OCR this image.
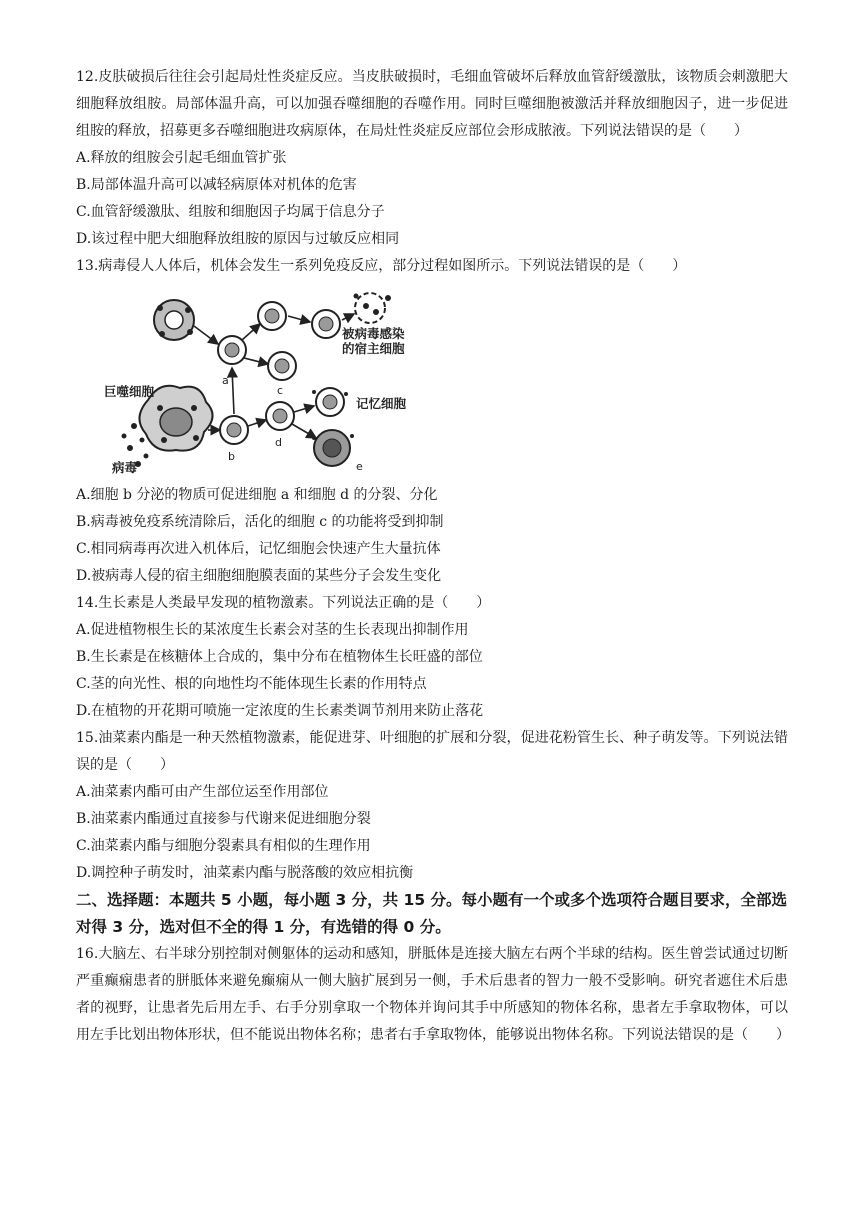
12.皮肤破损后往往会引起局灶性炎症反应。当皮肤破损时，毛细血管破坏后释放血管舒缓激肽，该物质会刺激肥大细胞释放组胺。局部体温升高，可以加强吞噬细胞的吞噬作用。同时巨噬细胞被激活并释放细胞因子，进一步促进组胺的释放，招募更多吞噬细胞进攻病原体，在局灶性炎症反应部位会形成脓液。下列说法错误的是（　　）

A.释放的组胺会引起毛细血管扩张

B.局部体温升高可以减轻病原体对机体的危害

C.血管舒缓激肽、组胺和细胞因子均属于信息分子

D.该过程中肥大细胞释放组胺的原因与过敏反应相同

13.病毒侵人人体后，机体会发生一系列免疫反应，部分过程如图所示。下列说法错误的是（　　）

巨噬细胞
病毒
被病毒感染的宿主细胞
记忆细胞
a
b
c
d
e

A.细胞 b 分泌的物质可促进细胞 a 和细胞 d 的分裂、分化

B.病毒被免疫系统清除后，活化的细胞 c 的功能将受到抑制

C.相同病毒再次进入机体后，记忆细胞会快速产生大量抗体

D.被病毒人侵的宿主细胞细胞膜表面的某些分子会发生变化

14.生长素是人类最早发现的植物激素。下列说法正确的是（　　）

A.促进植物根生长的某浓度生长素会对茎的生长表现出抑制作用

B.生长素是在核糖体上合成的，集中分布在植物体生长旺盛的部位

C.茎的向光性、根的向地性均不能体现生长素的作用特点

D.在植物的开花期可喷施一定浓度的生长素类调节剂用来防止落花

15.油菜素内酯是一种天然植物激素，能促进芽、叶细胞的扩展和分裂，促进花粉管生长、种子萌发等。下列说法错误的是（　　）

A.油菜素内酯可由产生部位运至作用部位

B.油菜素内酯通过直接参与代谢来促进细胞分裂

C.油菜素内酯与细胞分裂素具有相似的生理作用

D.调控种子萌发时，油菜素内酯与脱落酸的效应相抗衡

二、选择题：本题共 5 小题，每小题 3 分，共 15 分。每小题有一个或多个选项符合题目要求，全部选对得 3 分，选对但不全的得 1 分，有选错的得 0 分。

16.大脑左、右半球分别控制对侧躯体的运动和感知，胼胝体是连接大脑左右两个半球的结构。医生曾尝试通过切断严重癫痫患者的胼胝体来避免癫痫从一侧大脑扩展到另一侧，手术后患者的智力一般不受影响。研究者遮住术后患者的视野，让患者先后用左手、右手分别拿取一个物体并询问其手中所感知的物体名称，患者左手拿取物体，可以用左手比划出物体形状，但不能说出物体名称；患者右手拿取物体，能够说出物体名称。下列说法错误的是（　　）
